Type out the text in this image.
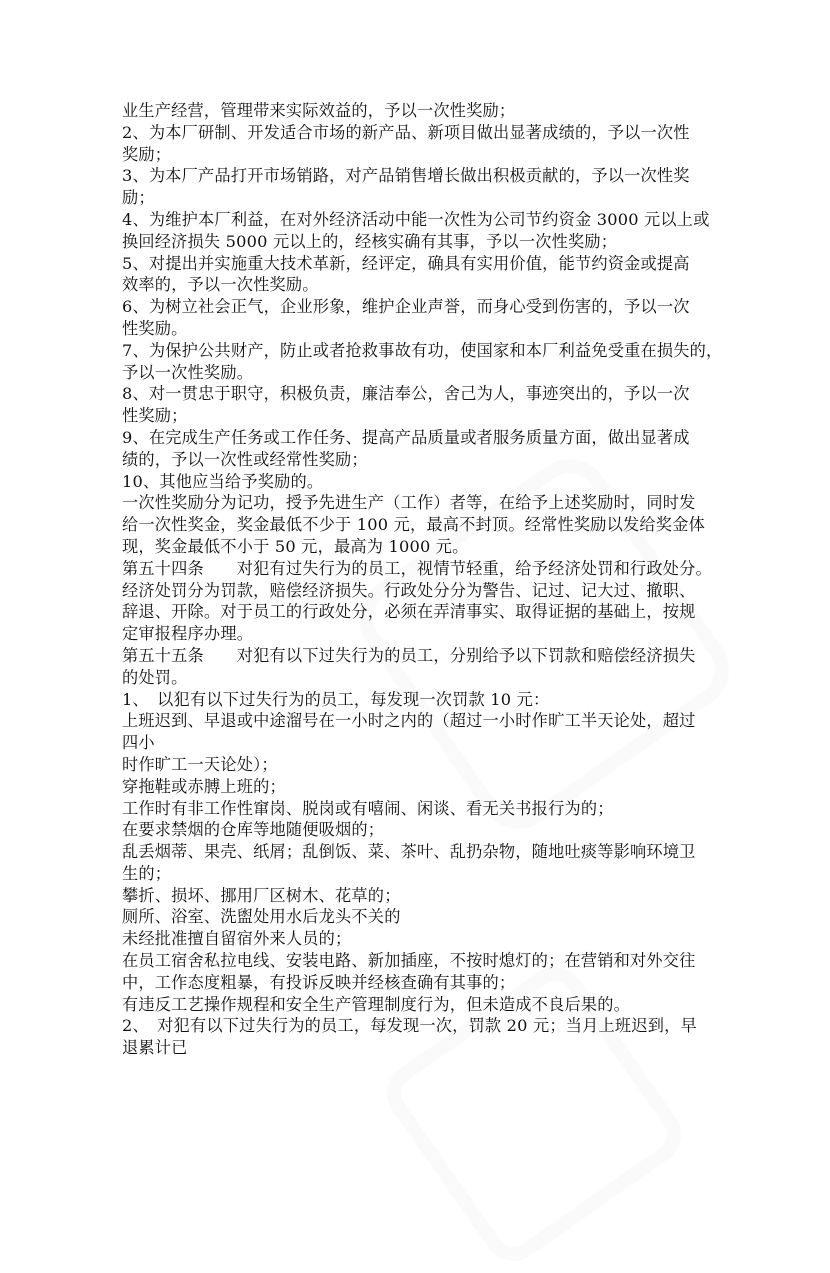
业生产经营，管理带来实际效益的，予以一次性奖励；
2、为本厂研制、开发适合市场的新产品、新项目做出显著成绩的，予以一次性
奖励；
3、为本厂产品打开市场销路，对产品销售增长做出积极贡献的，予以一次性奖
励；
4、为维护本厂利益，在对外经济活动中能一次性为公司节约资金 3000 元以上或
换回经济损失 5000 元以上的，经核实确有其事，予以一次性奖励；
5、对提出并实施重大技术革新，经评定，确具有实用价值，能节约资金或提高
效率的，予以一次性奖励。
6、为树立社会正气，企业形象，维护企业声誉，而身心受到伤害的，予以一次
性奖励。
7、为保护公共财产，防止或者抢救事故有功，使国家和本厂利益免受重在损失的，
予以一次性奖励。
8、对一贯忠于职守，积极负责，廉洁奉公，舍己为人，事迹突出的，予以一次
性奖励；
9、在完成生产任务或工作任务、提高产品质量或者服务质量方面，做出显著成
绩的，予以一次性或经常性奖励；
10、其他应当给予奖励的。
一次性奖励分为记功，授予先进生产（工作）者等，在给予上述奖励时，同时发
给一次性奖金，奖金最低不少于 100 元，最高不封顶。经常性奖励以发给奖金体
现，奖金最低不小于 50 元，最高为 1000 元。
第五十四条　　对犯有过失行为的员工，视情节轻重，给予经济处罚和行政处分。
经济处罚分为罚款，赔偿经济损失。行政处分分为警告、记过、记大过、撤职、
辞退、开除。对于员工的行政处分，必须在弄清事实、取得证据的基础上，按规
定审报程序办理。
第五十五条　　对犯有以下过失行为的员工，分别给予以下罚款和赔偿经济损失
的处罚。
1、　以犯有以下过失行为的员工，每发现一次罚款 10 元：
上班迟到、早退或中途溜号在一小时之内的（超过一小时作旷工半天论处，超过
四小
时作旷工一天论处）；
穿拖鞋或赤膊上班的；
工作时有非工作性窜岗、脱岗或有嘻闹、闲谈、看无关书报行为的；
在要求禁烟的仓库等地随便吸烟的；
乱丢烟蒂、果壳、纸屑；乱倒饭、菜、茶叶、乱扔杂物，随地吐痰等影响环境卫
生的；
攀折、损坏、挪用厂区树木、花草的；
厕所、浴室、洗盥处用水后龙头不关的
未经批准擅自留宿外来人员的；
在员工宿舍私拉电线、安装电路、新加插座，不按时熄灯的；在营销和对外交往
中，工作态度粗暴，有投诉反映并经核查确有其事的；
有违反工艺操作规程和安全生产管理制度行为，但未造成不良后果的。
2、　对犯有以下过失行为的员工，每发现一次，罚款 20 元；当月上班迟到，早
退累计已
